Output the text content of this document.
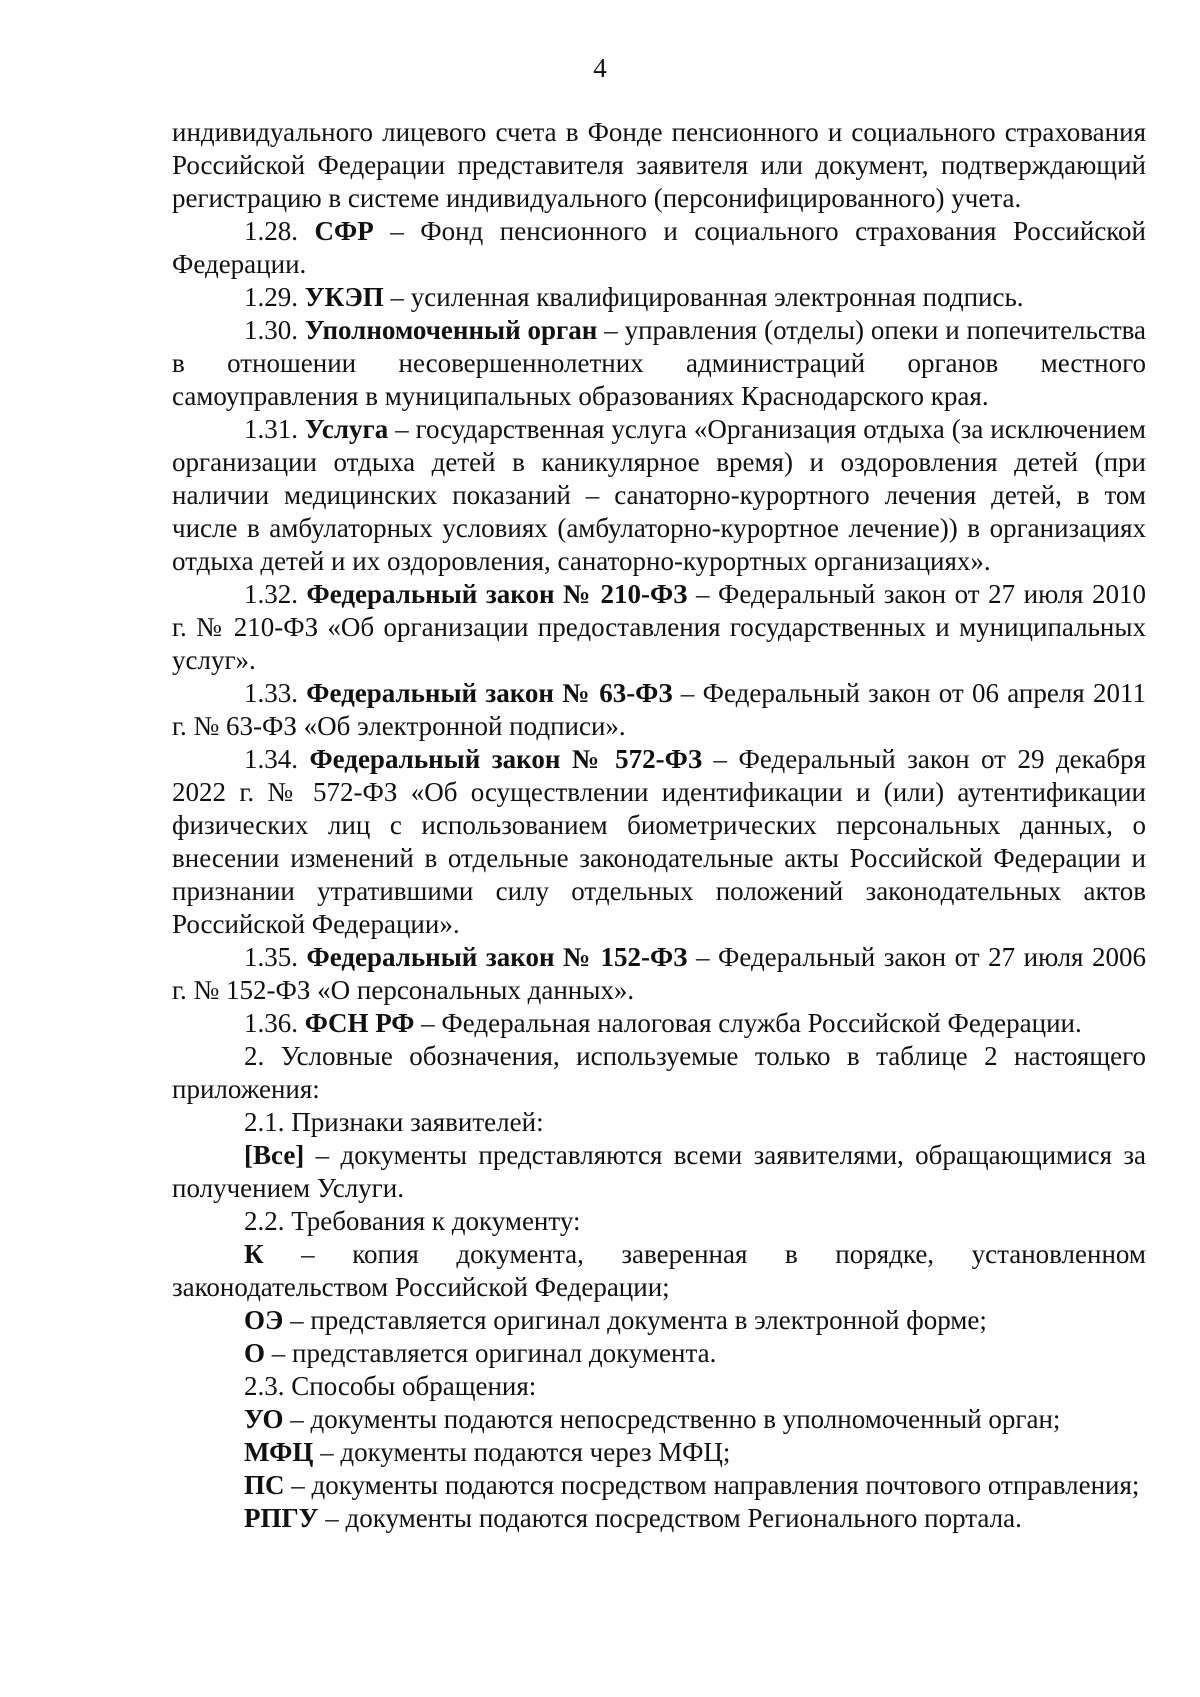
4

индивидуального лицевого счета в Фонде пенсионного и социального страхования Российской Федерации представителя заявителя или документ, подтверждающий регистрацию в системе индивидуального (персонифицированного) учета.

1.28. СФР – Фонд пенсионного и социального страхования Российской Федерации.

1.29. УКЭП – усиленная квалифицированная электронная подпись.

1.30. Уполномоченный орган – управления (отделы) опеки и попечительства в отношении несовершеннолетних администраций органов местного самоуправления в муниципальных образованиях Краснодарского края.

1.31. Услуга – государственная услуга «Организация отдыха (за исключением организации отдыха детей в каникулярное время) и оздоровления детей (при наличии медицинских показаний – санаторно-курортного лечения детей, в том числе в амбулаторных условиях (амбулаторно-курортное лечение)) в организациях отдыха детей и их оздоровления, санаторно-курортных организациях».

1.32. Федеральный закон № 210-ФЗ – Федеральный закон от 27 июля 2010 г. № 210-ФЗ «Об организации предоставления государственных и муниципальных услуг».

1.33. Федеральный закон № 63-ФЗ – Федеральный закон от 06 апреля 2011 г. № 63-ФЗ «Об электронной подписи».

1.34. Федеральный закон № 572-ФЗ – Федеральный закон от 29 декабря 2022 г. № 572-ФЗ «Об осуществлении идентификации и (или) аутентификации физических лиц с использованием биометрических персональных данных, о внесении изменений в отдельные законодательные акты Российской Федерации и признании утратившими силу отдельных положений законодательных актов Российской Федерации».

1.35. Федеральный закон № 152-ФЗ – Федеральный закон от 27 июля 2006 г. № 152-ФЗ «О персональных данных».

1.36. ФСН РФ – Федеральная налоговая служба Российской Федерации.

2. Условные обозначения, используемые только в таблице 2 настоящего приложения:

2.1. Признаки заявителей:

[Все] – документы представляются всеми заявителями, обращающимися за получением Услуги.

2.2. Требования к документу:

К – копия документа, заверенная в порядке, установленном законодательством Российской Федерации;

ОЭ – представляется оригинал документа в электронной форме;

О – представляется оригинал документа.

2.3. Способы обращения:

УО – документы подаются непосредственно в уполномоченный орган;

МФЦ – документы подаются через МФЦ;

ПС – документы подаются посредством направления почтового отправления;

РПГУ – документы подаются посредством Регионального портала.
